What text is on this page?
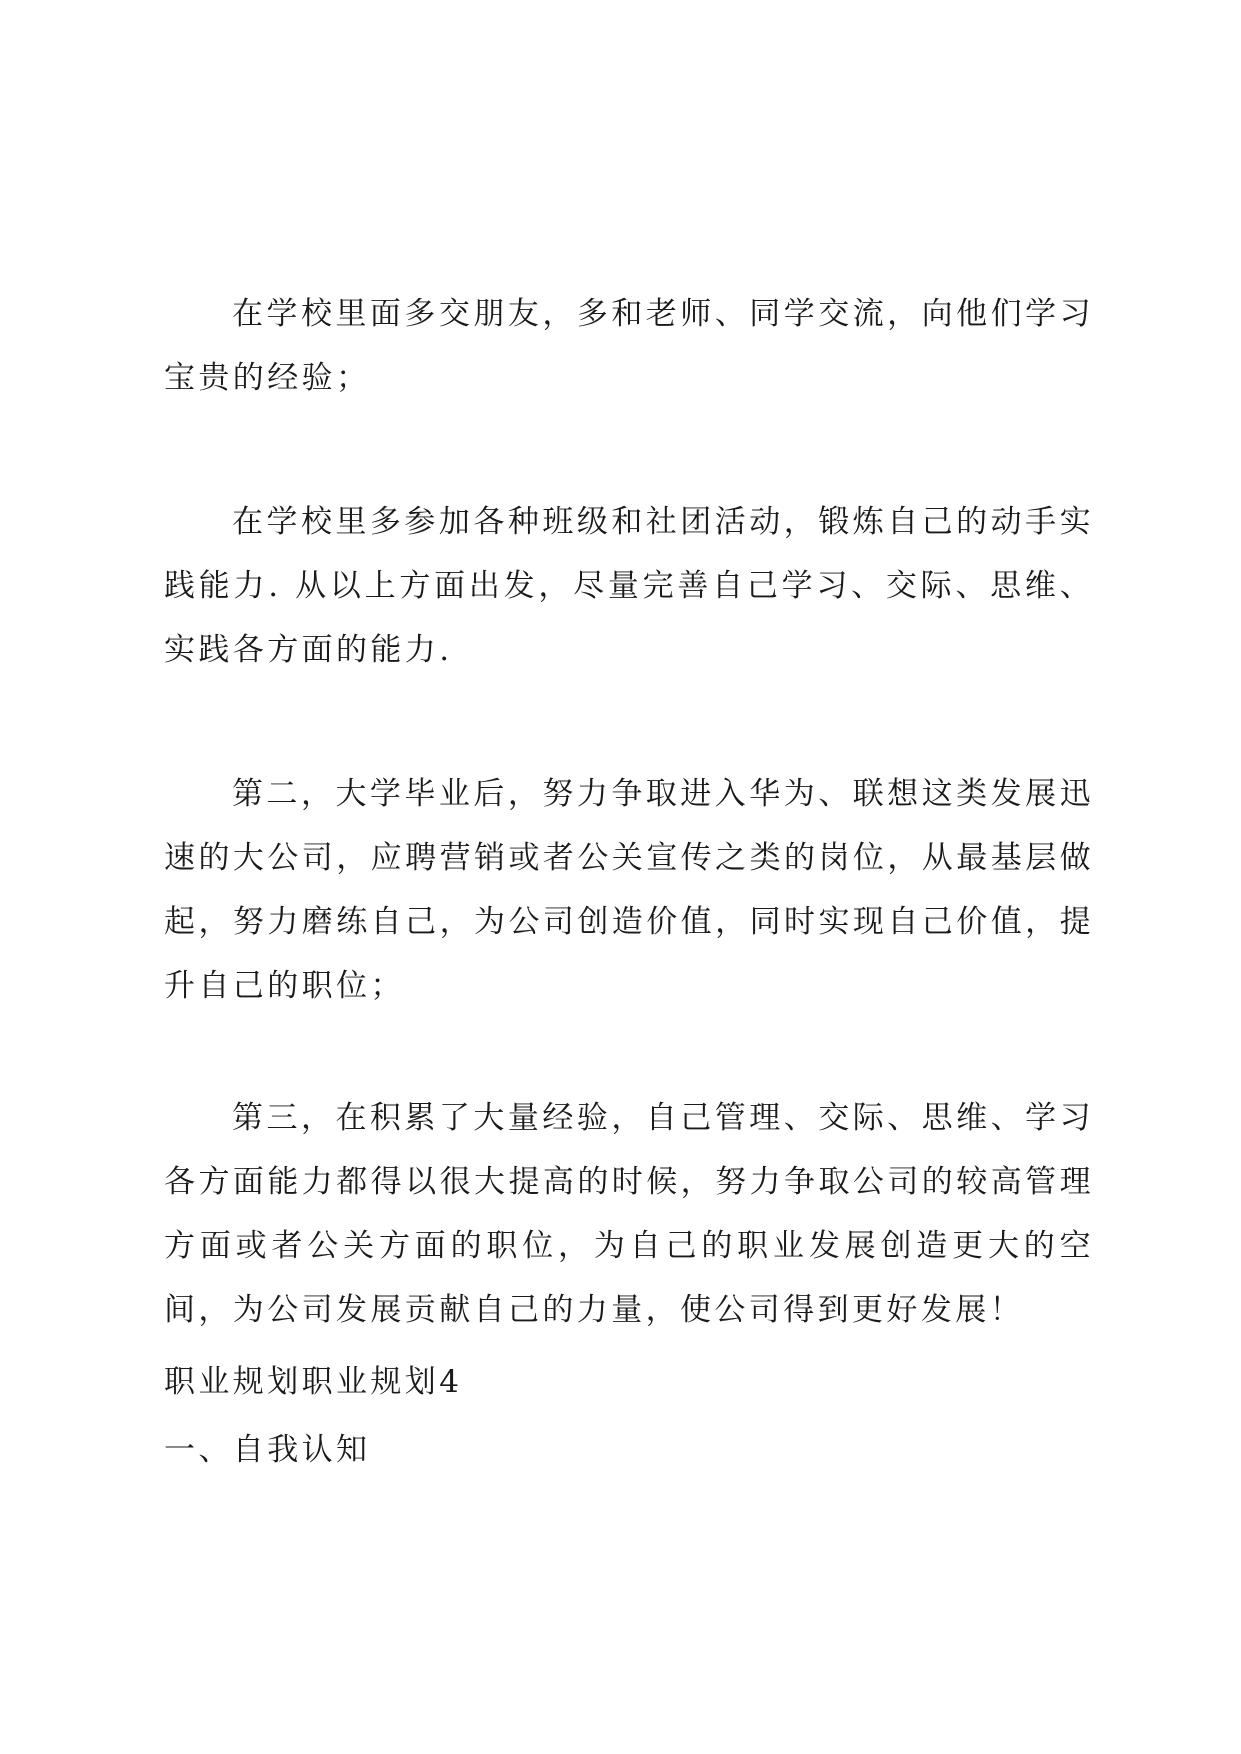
在学校里面多交朋友，多和老师、同学交流，向他们学习宝贵的经验；

在学校里多参加各种班级和社团活动，锻炼自己的动手实践能力. 从以上方面出发，尽量完善自己学习、交际、思维、实践各方面的能力.

第二，大学毕业后，努力争取进入华为、联想这类发展迅速的大公司，应聘营销或者公关宣传之类的岗位，从最基层做起，努力磨练自己，为公司创造价值，同时实现自己价值，提升自己的职位；

第三，在积累了大量经验，自己管理、交际、思维、学习各方面能力都得以很大提高的时候，努力争取公司的较高管理方面或者公关方面的职位，为自己的职业发展创造更大的空间，为公司发展贡献自己的力量，使公司得到更好发展！

职业规划职业规划4
一、自我认知
